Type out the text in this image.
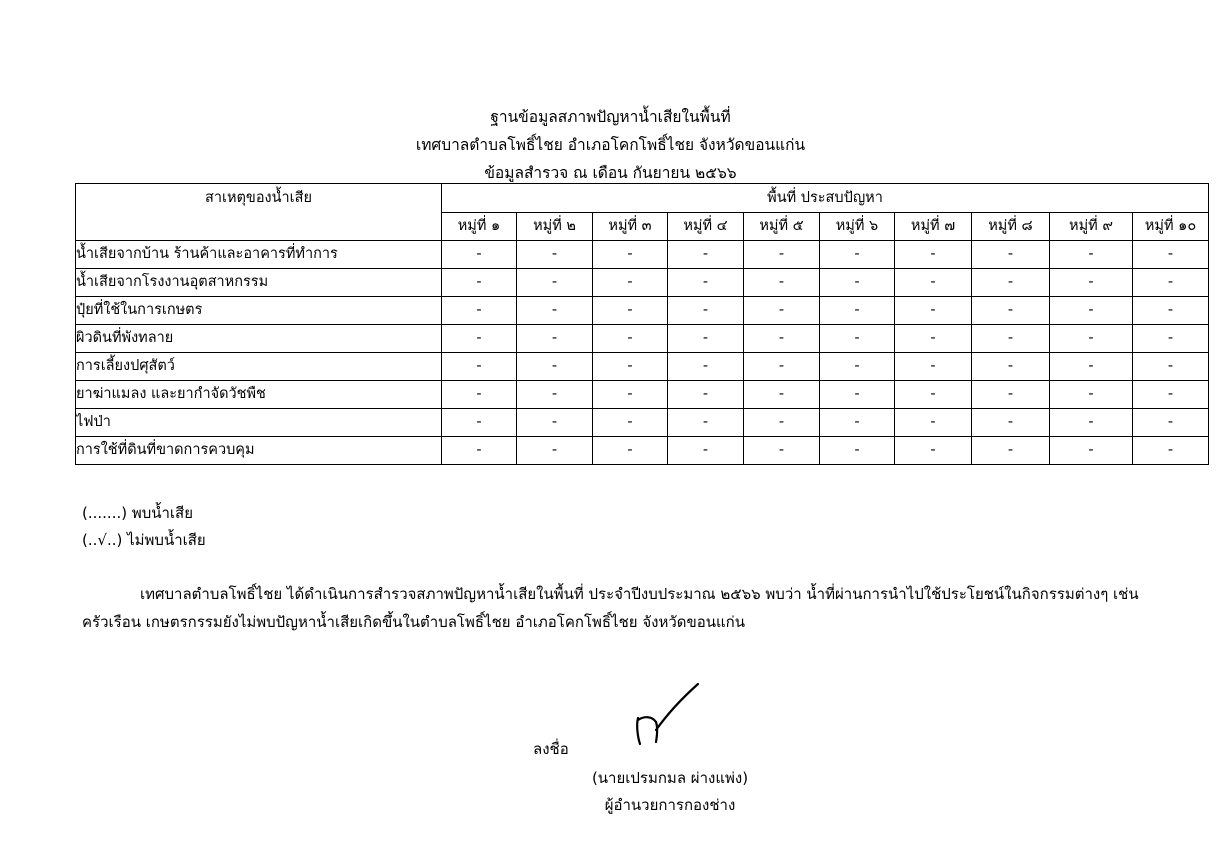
ฐานข้อมูลสภาพปัญหาน้ำเสียในพื้นที่
เทศบาลตำบลโพธิ์ไชย อำเภอโคกโพธิ์ไชย จังหวัดขอนแก่น
ข้อมูลสำรวจ ณ เดือน กันยายน ๒๕๖๖
สาเหตุของน้ำเสีย	พื้นที่ ประสบปัญหา									
	หมู่ที่ ๑	หมู่ที่ ๒	หมู่ที่ ๓	หมู่ที่ ๔	หมู่ที่ ๕	หมู่ที่ ๖	หมู่ที่ ๗	หมู่ที่ ๘	หมู่ที่ ๙	หมู่ที่ ๑๐
น้ำเสียจากบ้าน ร้านค้าและอาคารที่ทำการ	-	-	-	-	-	-	-	-	-	-
น้ำเสียจากโรงงานอุตสาหกรรม	-	-	-	-	-	-	-	-	-	-
ปุ๋ยที่ใช้ในการเกษตร	-	-	-	-	-	-	-	-	-	-
ผิวดินที่พังทลาย	-	-	-	-	-	-	-	-	-	-
การเลี้ยงปศุสัตว์	-	-	-	-	-	-	-	-	-	-
ยาฆ่าแมลง และยากำจัดวัชพืช	-	-	-	-	-	-	-	-	-	-
ไฟป่า	-	-	-	-	-	-	-	-	-	-
การใช้ที่ดินที่ขาดการควบคุม	-	-	-	-	-	-	-	-	-	-
(.......) พบน้ำเสีย
(..√..) ไม่พบน้ำเสีย
เทศบาลตำบลโพธิ์ไชย ได้ดำเนินการสำรวจสภาพปัญหาน้ำเสียในพื้นที่ ประจำปีงบประมาณ ๒๕๖๖ พบว่า น้ำที่ผ่านการนำไปใช้ประโยชน์ในกิจกรรมต่างๆ เช่น
ครัวเรือน เกษตรกรรมยังไม่พบปัญหาน้ำเสียเกิดขึ้นในตำบลโพธิ์ไชย อำเภอโคกโพธิ์ไชย จังหวัดขอนแก่น
ลงชื่อ
(นายเปรมกมล ผ่างแพ่ง)
ผู้อำนวยการกองช่าง
